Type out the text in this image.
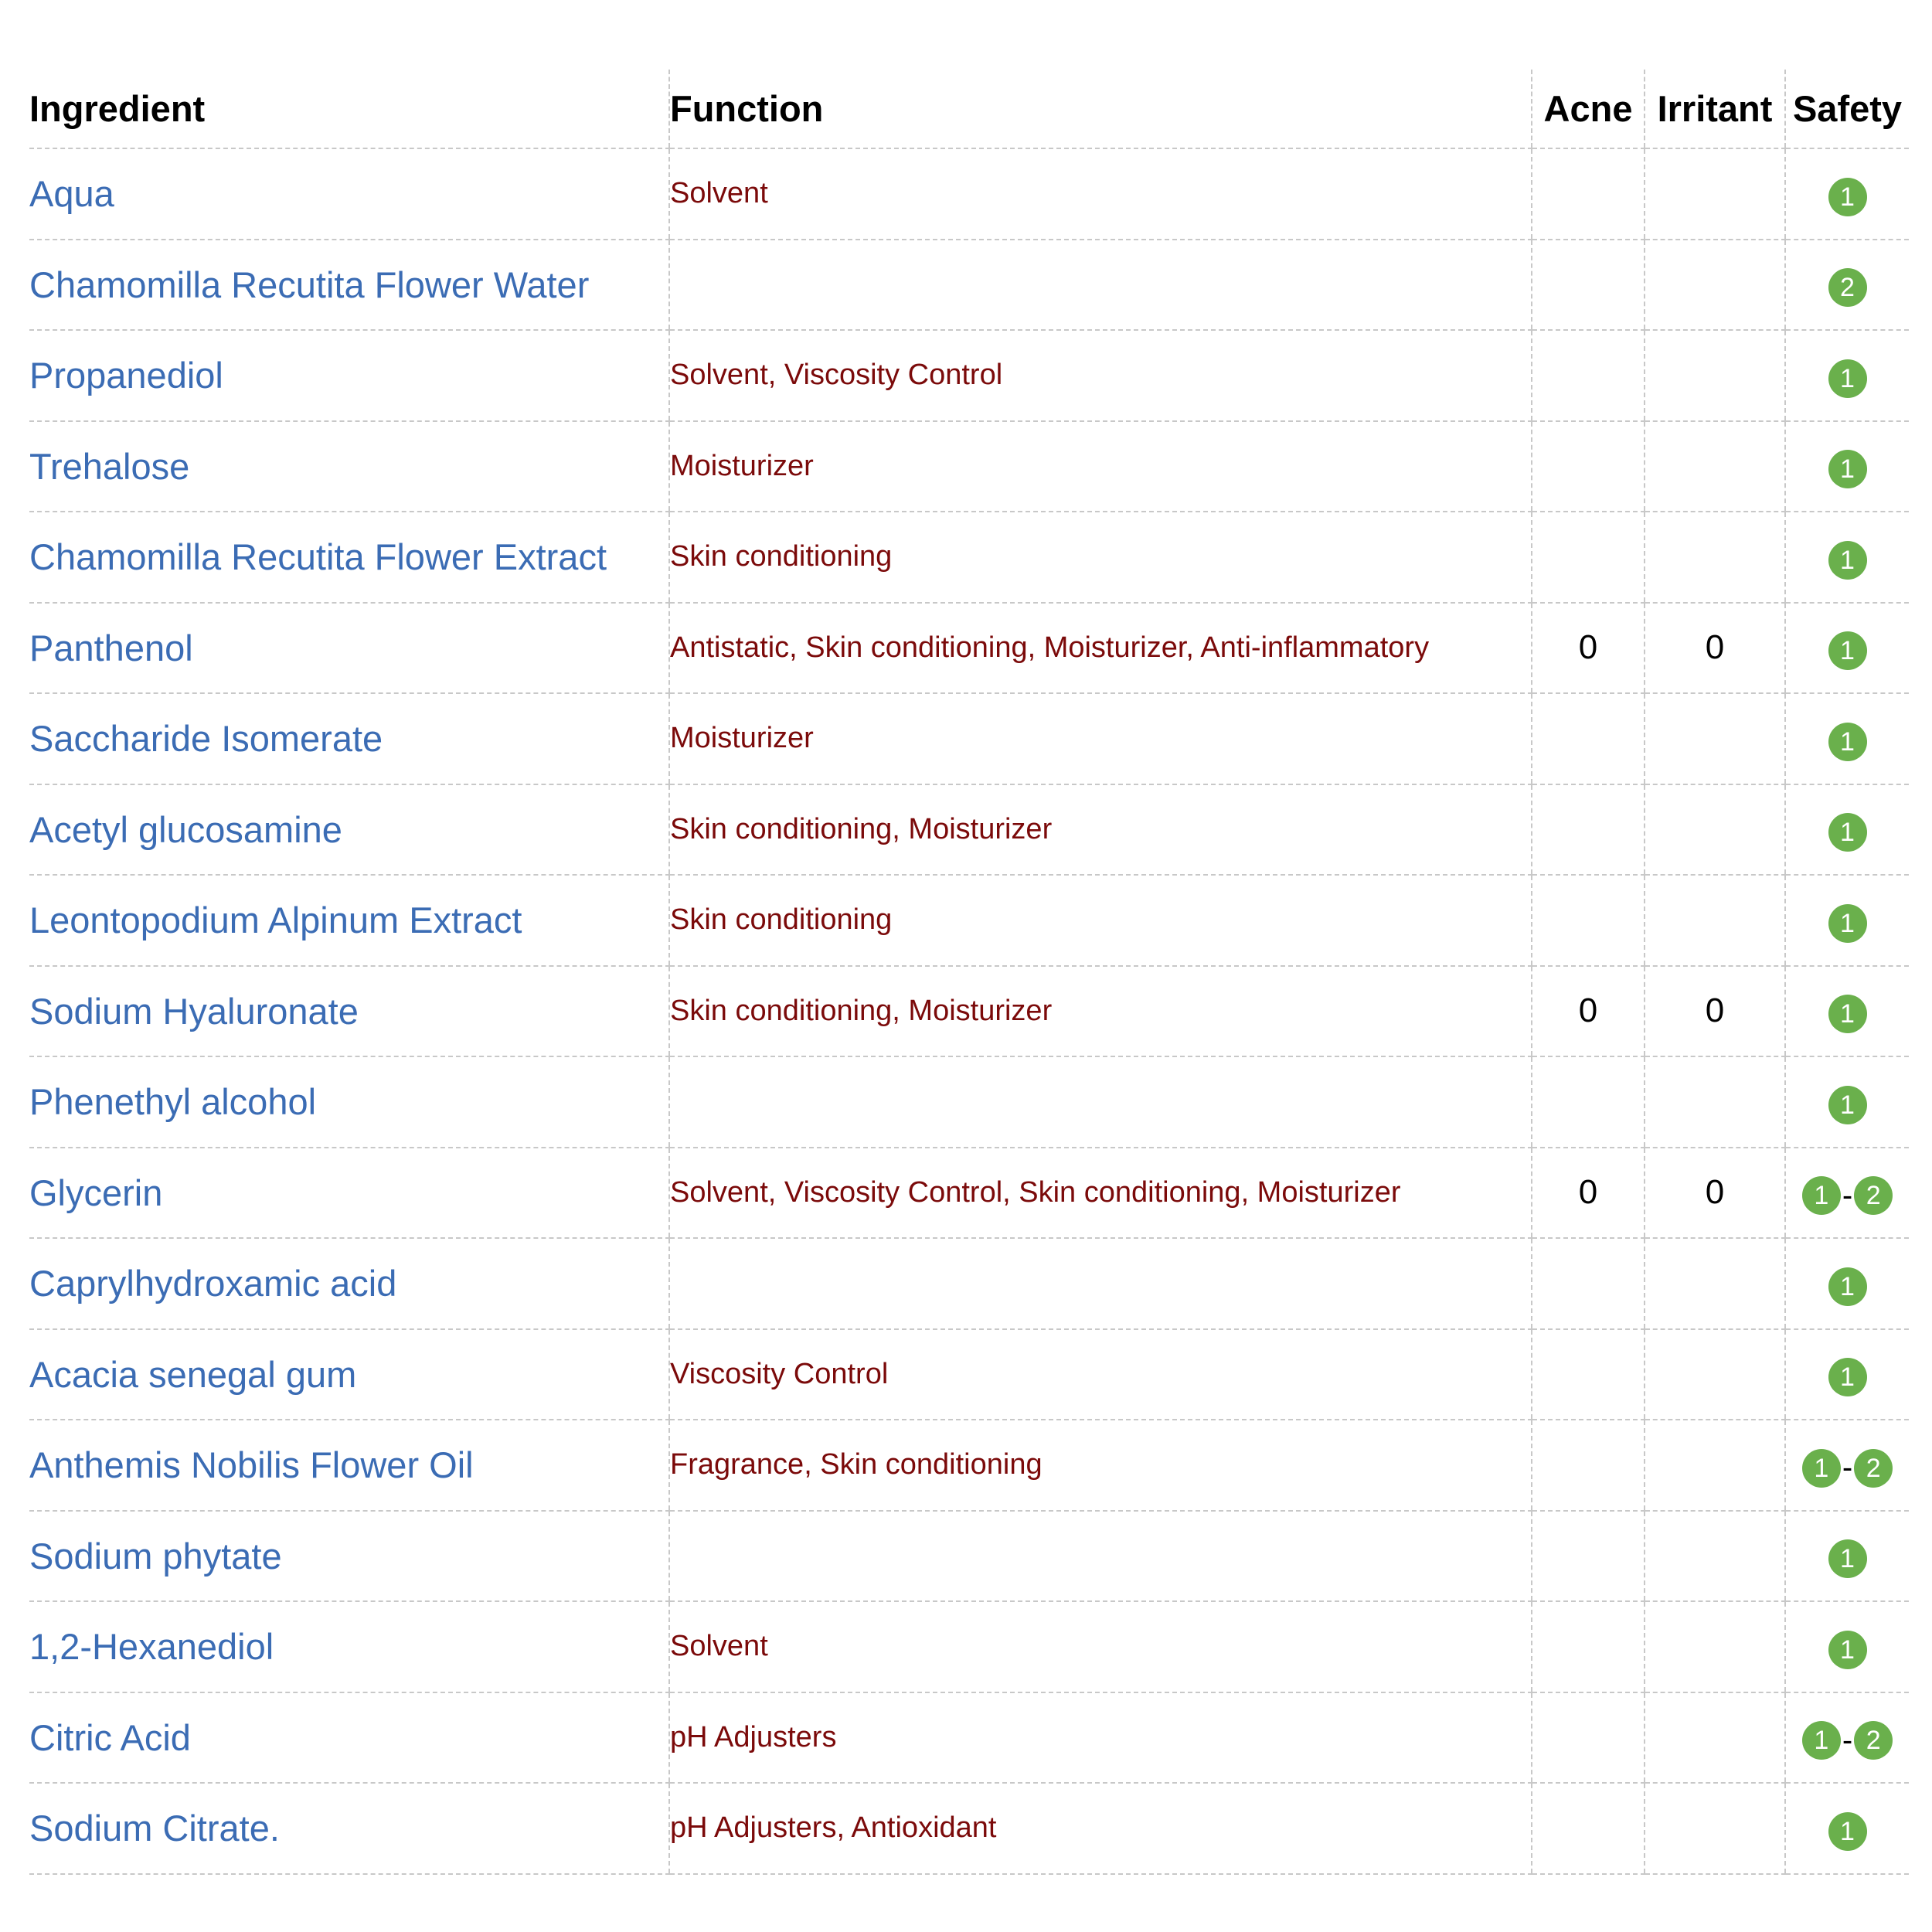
Ingredient	Function	Acne	Irritant	Safety
Aqua	Solvent			1
Chamomilla Recutita Flower Water				2
Propanediol	Solvent, Viscosity Control			1
Trehalose	Moisturizer			1
Chamomilla Recutita Flower Extract	Skin conditioning			1
Panthenol	Antistatic, Skin conditioning, Moisturizer, Anti-inflammatory	0	0	1
Saccharide Isomerate	Moisturizer			1
Acetyl glucosamine	Skin conditioning, Moisturizer			1
Leontopodium Alpinum Extract	Skin conditioning			1
Sodium Hyaluronate	Skin conditioning, Moisturizer	0	0	1
Phenethyl alcohol				1
Glycerin	Solvent, Viscosity Control, Skin conditioning, Moisturizer	0	0	1 - 2
Caprylhydroxamic acid				1
Acacia senegal gum	Viscosity Control			1
Anthemis Nobilis Flower Oil	Fragrance, Skin conditioning			1 - 2
Sodium phytate				1
1,2-Hexanediol	Solvent			1
Citric Acid	pH Adjusters			1 - 2
Sodium Citrate.	pH Adjusters, Antioxidant			1
